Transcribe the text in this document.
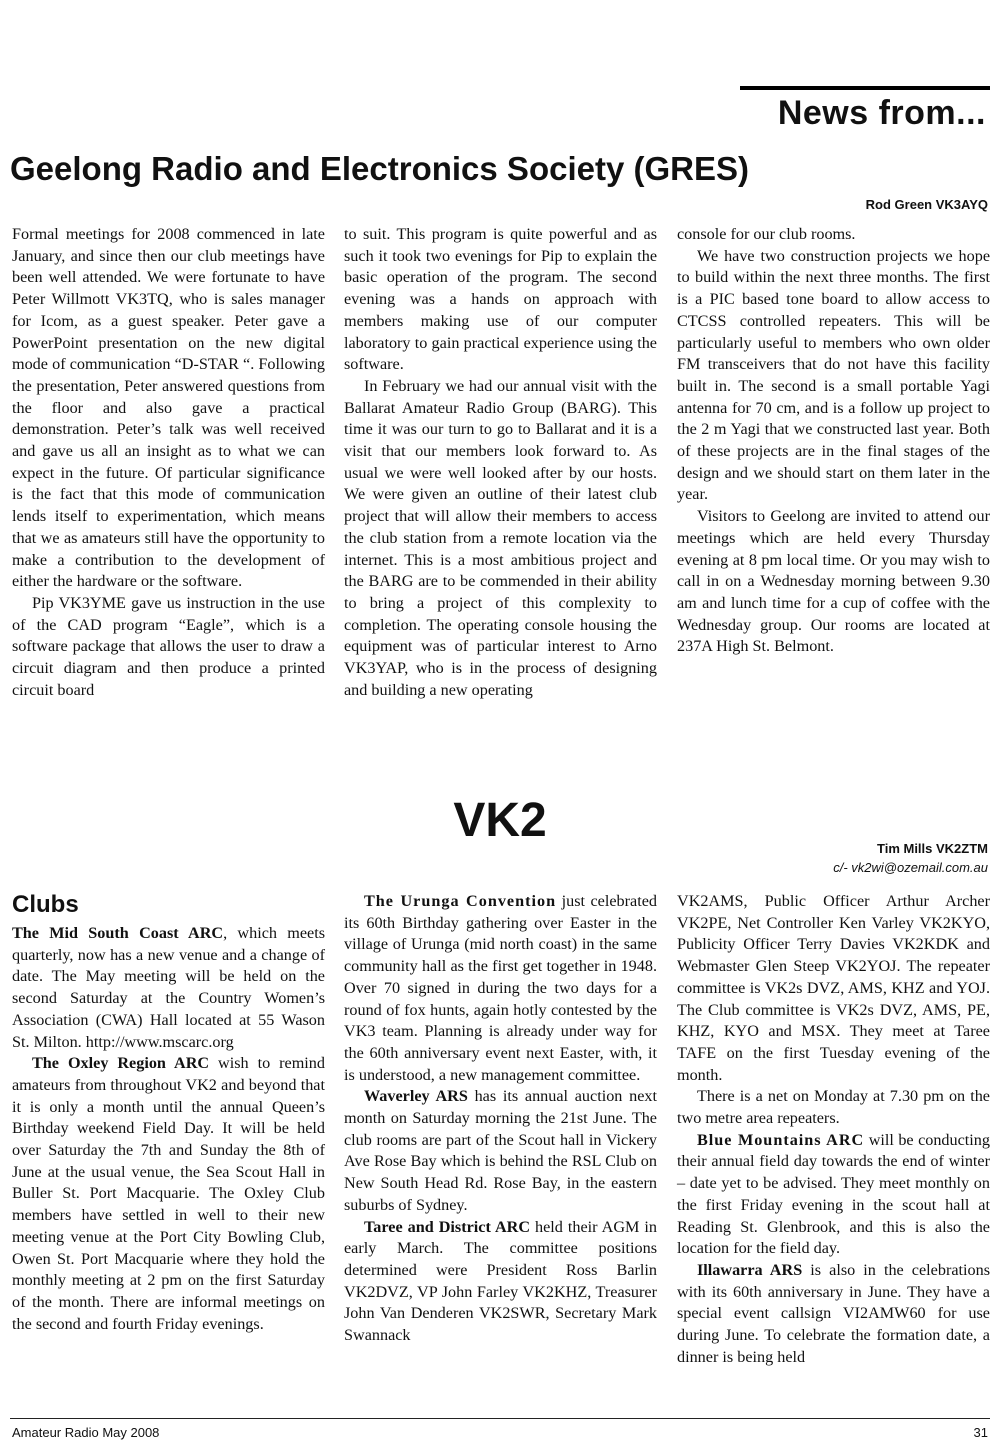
News from...
Geelong Radio and Electronics Society (GRES)
Rod Green VK3AYQ

Formal meetings for 2008 commenced in late January, and since then our club meetings have been well attended. We were fortunate to have Peter Willmott VK3TQ, who is sales manager for Icom, as a guest speaker. Peter gave a PowerPoint presentation on the new digital mode of communication “D-STAR “. Following the presentation, Peter answered questions from the floor and also gave a practical demonstration. Peter’s talk was well received and gave us all an insight as to what we can expect in the future. Of particular significance is the fact that this mode of communication lends itself to experimentation, which means that we as amateurs still have the opportunity to make a contribution to the development of either the hardware or the software.

Pip VK3YME gave us instruction in the use of the CAD program “Eagle”, which is a software package that allows the user to draw a circuit diagram and then produce a printed circuit board

to suit. This program is quite powerful and as such it took two evenings for Pip to explain the basic operation of the program. The second evening was a hands on approach with members making use of our computer laboratory to gain practical experience using the software.

In February we had our annual visit with the Ballarat Amateur Radio Group (BARG). This time it was our turn to go to Ballarat and it is a visit that our members look forward to. As usual we were well looked after by our hosts. We were given an outline of their latest club project that will allow their members to access the club station from a remote location via the internet. This is a most ambitious project and the BARG are to be commended in their ability to bring a project of this complexity to completion. The operating console housing the equipment was of particular interest to Arno VK3YAP, who is in the process of designing and building a new operating

console for our club rooms.

We have two construction projects we hope to build within the next three months. The first is a PIC based tone board to allow access to CTCSS controlled repeaters. This will be particularly useful to members who own older FM transceivers that do not have this facility built in. The second is a small portable Yagi antenna for 70 cm, and is a follow up project to the 2 m Yagi that we constructed last year. Both of these projects are in the final stages of the design and we should start on them later in the year.

Visitors to Geelong are invited to attend our meetings which are held every Thursday evening at 8 pm local time. Or you may wish to call in on a Wednesday morning between 9.30 am and lunch time for a cup of coffee with the Wednesday group. Our rooms are located at 237A High St. Belmont.

VK2
Tim Mills VK2ZTM
c/- vk2wi@ozemail.com.au
Clubs

The Mid South Coast ARC, which meets quarterly, now has a new venue and a change of date. The May meeting will be held on the second Saturday at the Country Women’s Association (CWA) Hall located at 55 Wason St. Milton. http://www.mscarc.org

The Oxley Region ARC wish to remind amateurs from throughout VK2 and beyond that it is only a month until the annual Queen’s Birthday weekend Field Day. It will be held over Saturday the 7th and Sunday the 8th of June at the usual venue, the Sea Scout Hall in Buller St. Port Macquarie. The Oxley Club members have settled in well to their new meeting venue at the Port City Bowling Club, Owen St. Port Macquarie where they hold the monthly meeting at 2 pm on the first Saturday of the month. There are informal meetings on the second and fourth Friday evenings.

The Urunga Convention just celebrated its 60th Birthday gathering over Easter in the village of Urunga (mid north coast) in the same community hall as the first get together in 1948. Over 70 signed in during the two days for a round of fox hunts, again hotly contested by the VK3 team. Planning is already under way for the 60th anniversary event next Easter, with, it is understood, a new management committee.

Waverley ARS has its annual auction next month on Saturday morning the 21st June. The club rooms are part of the Scout hall in Vickery Ave Rose Bay which is behind the RSL Club on New South Head Rd. Rose Bay, in the eastern suburbs of Sydney.

Taree and District ARC held their AGM in early March. The committee positions determined were President Ross Barlin VK2DVZ, VP John Farley VK2KHZ, Treasurer John Van Denderen VK2SWR, Secretary Mark Swannack

VK2AMS, Public Officer Arthur Archer VK2PE, Net Controller Ken Varley VK2KYO, Publicity Officer Terry Davies VK2KDK and Webmaster Glen Steep VK2YOJ. The repeater committee is VK2s DVZ, AMS, KHZ and YOJ. The Club committee is VK2s DVZ, AMS, PE, KHZ, KYO and MSX. They meet at Taree TAFE on the first Tuesday evening of the month.

There is a net on Monday at 7.30 pm on the two metre area repeaters.

Blue Mountains ARC will be conducting their annual field day towards the end of winter – date yet to be advised. They meet monthly on the first Friday evening in the scout hall at Reading St. Glenbrook, and this is also the location for the field day.

Illawarra ARS is also in the celebrations with its 60th anniversary in June. They have a special event callsign VI2AMW60 for use during June. To celebrate the formation date, a dinner is being held

Amateur Radio May 2008	31
